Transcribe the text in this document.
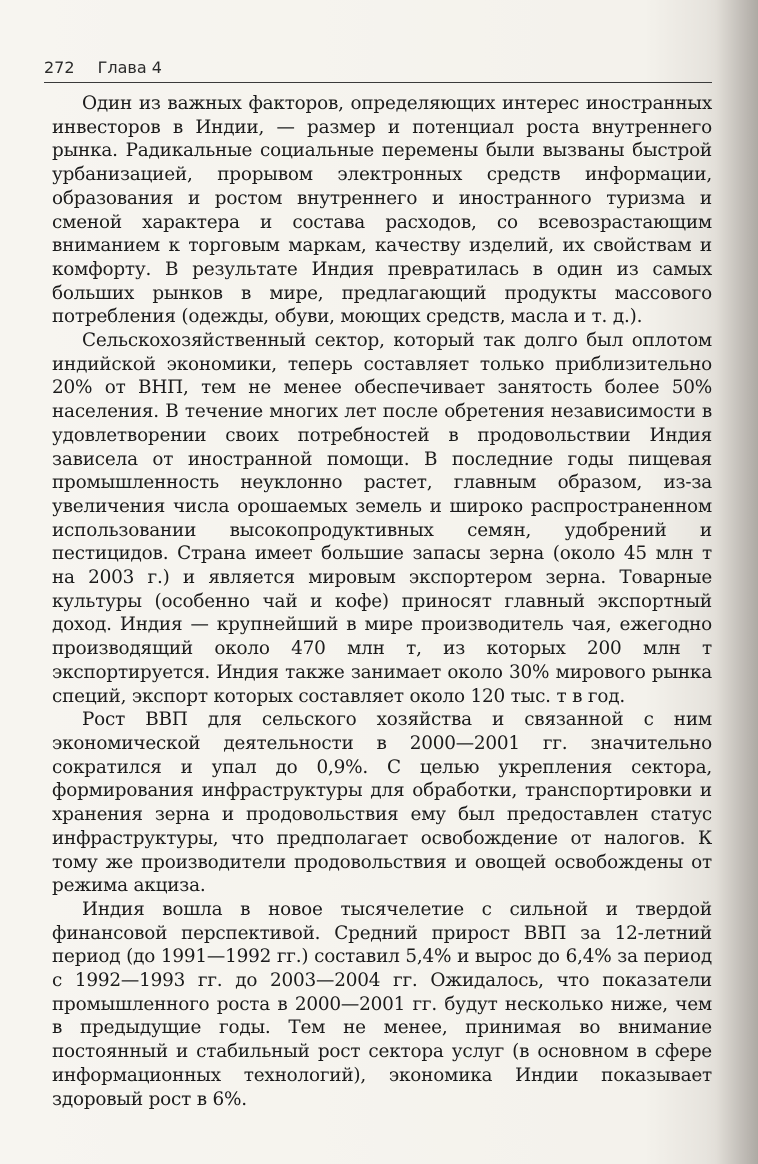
272 Глава 4

Один из важных факторов, определяющих интерес иностранных инвесторов в Индии, — размер и потенциал роста внутреннего рынка. Радикальные социальные перемены были вызваны быстрой урбанизацией, прорывом электронных средств информации, образования и ростом внутреннего и иностранного туризма и сменой характера и состава расходов, со всевозрастающим вниманием к торговым маркам, качеству изделий, их свойствам и комфорту. В результате Индия превратилась в один из самых больших рынков в мире, предлагающий продукты массового потребления (одежды, обуви, моющих средств, масла и т. д.).

Сельскохозяйственный сектор, который так долго был оплотом индийской экономики, теперь составляет только приблизительно 20% от ВНП, тем не менее обеспечивает занятость более 50% населения. В течение многих лет после обретения независимости в удовлетворении своих потребностей в продовольствии Индия зависела от иностранной помощи. В последние годы пищевая промышленность неуклонно растет, главным образом, из-за увеличения числа орошаемых земель и широко распространенном использовании высокопродуктивных семян, удобрений и пестицидов. Страна имеет большие запасы зерна (около 45 млн т на 2003 г.) и является мировым экспортером зерна. Товарные культуры (особенно чай и кофе) приносят главный экспортный доход. Индия — крупнейший в мире производитель чая, ежегодно производящий около 470 млн т, из которых 200 млн т экспортируется. Индия также занимает около 30% мирового рынка специй, экспорт которых составляет около 120 тыс. т в год.

Рост ВВП для сельского хозяйства и связанной с ним экономической деятельности в 2000—2001 гг. значительно сократился и упал до 0,9%. С целью укрепления сектора, формирования инфраструктуры для обработки, транспортировки и хранения зерна и продовольствия ему был предоставлен статус инфраструктуры, что предполагает освобождение от налогов. К тому же производители продовольствия и овощей освобождены от режима акциза.

Индия вошла в новое тысячелетие с сильной и твердой финансовой перспективой. Средний прирост ВВП за 12-летний период (до 1991—1992 гг.) составил 5,4% и вырос до 6,4% за период с 1992—1993 гг. до 2003—2004 гг. Ожидалось, что показатели промышленного роста в 2000—2001 гг. будут несколько ниже, чем в предыдущие годы. Тем не менее, принимая во внимание постоянный и стабильный рост сектора услуг (в основном в сфере информационных технологий), экономика Индии показывает здоровый рост в 6%.
